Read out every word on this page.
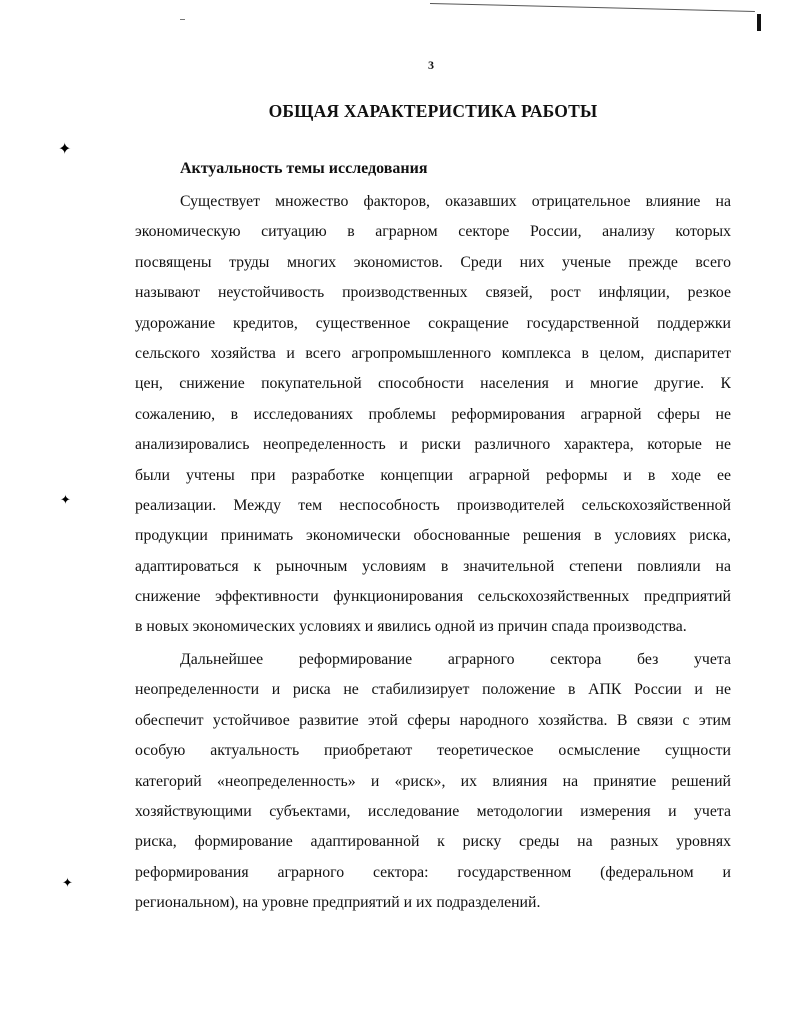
✦
✦
✦
3
ОБЩАЯ ХАРАКТЕРИСТИКА РАБОТЫ
Актуальность темы исследования
Существует множество факторов, оказавших отрицательное влияние на
экономическую ситуацию в аграрном секторе России, анализу которых
посвящены труды многих экономистов. Среди них ученые прежде всего
называют неустойчивость производственных связей, рост инфляции, резкое
удорожание кредитов, существенное сокращение государственной поддержки
сельского хозяйства и всего агропромышленного комплекса в целом, диспаритет
цен, снижение покупательной способности населения и многие другие. К
сожалению, в исследованиях проблемы реформирования аграрной сферы не
анализировались неопределенность и риски различного характера, которые не
были учтены при разработке концепции аграрной реформы и в ходе ее
реализации. Между тем неспособность производителей сельскохозяйственной
продукции принимать экономически обоснованные решения в условиях риска,
адаптироваться к рыночным условиям в значительной степени повлияли на
снижение эффективности функционирования сельскохозяйственных предприятий
в новых экономических условиях и явились одной из причин спада производства.
Дальнейшее реформирование аграрного сектора без учета
неопределенности и риска не стабилизирует положение в АПК России и не
обеспечит устойчивое развитие этой сферы народного хозяйства. В связи с этим
особую актуальность приобретают теоретическое осмысление сущности
категорий «неопределенность» и «риск», их влияния на принятие решений
хозяйствующими субъектами, исследование методологии измерения и учета
риска, формирование адаптированной к риску среды на разных уровнях
реформирования аграрного сектора: государственном (федеральном и
региональном), на уровне предприятий и их подразделений.
